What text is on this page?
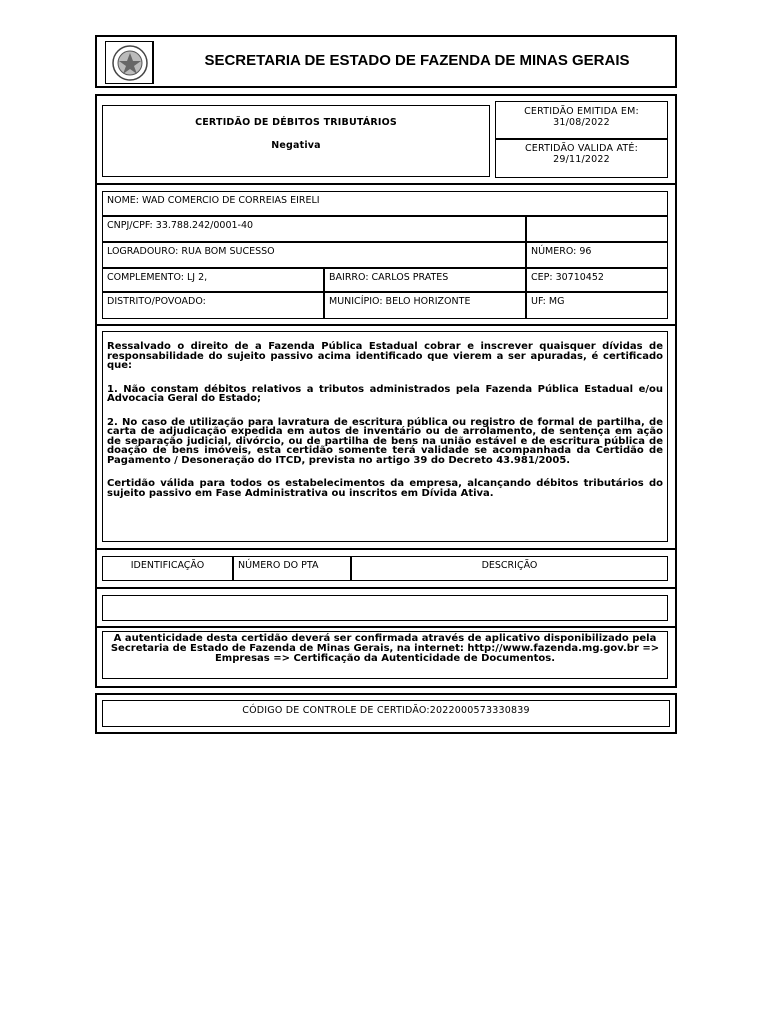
SECRETARIA DE ESTADO DE FAZENDA DE MINAS GERAIS
CERTIDÃO DE DÉBITOS TRIBUTÁRIOS
Negativa
CERTIDÃO EMITIDA EM:
31/08/2022
CERTIDÃO VALIDA ATÉ:
29/11/2022
NOME: WAD COMERCIO DE CORREIAS EIRELI
CNPJ/CPF: 33.788.242/0001-40
LOGRADOURO: RUA BOM SUCESSO	NÚMERO: 96
COMPLEMENTO: LJ 2,	BAIRRO: CARLOS PRATES	CEP: 30710452
DISTRITO/POVOADO:	MUNICÍPIO: BELO HORIZONTE	UF: MG

Ressalvado o direito de a Fazenda Pública Estadual cobrar e inscrever quaisquer dívidas de responsabilidade do sujeito passivo acima identificado que vierem a ser apuradas, é certificado que:

1. Não constam débitos relativos a tributos administrados pela Fazenda Pública Estadual e/ou Advocacia Geral do Estado;

2. No caso de utilização para lavratura de escritura pública ou registro de formal de partilha, de carta de adjudicação expedida em autos de inventário ou de arrolamento, de sentença em ação de separação judicial, divórcio, ou de partilha de bens na união estável e de escritura pública de doação de bens imóveis, esta certidão somente terá validade se acompanhada da Certidão de Pagamento / Desoneração do ITCD, prevista no artigo 39 do Decreto 43.981/2005.

Certidão válida para todos os estabelecimentos da empresa, alcançando débitos tributários do sujeito passivo em Fase Administrativa ou inscritos em Dívida Ativa.

IDENTIFICAÇÃO	NÚMERO DO PTA	DESCRIÇÃO
A autenticidade desta certidão deverá ser confirmada através de aplicativo disponibilizado pela Secretaria de Estado de Fazenda de Minas Gerais, na internet: http://www.fazenda.mg.gov.br => Empresas => Certificação da Autenticidade de Documentos.
CÓDIGO DE CONTROLE DE CERTIDÃO:2022000573330839
